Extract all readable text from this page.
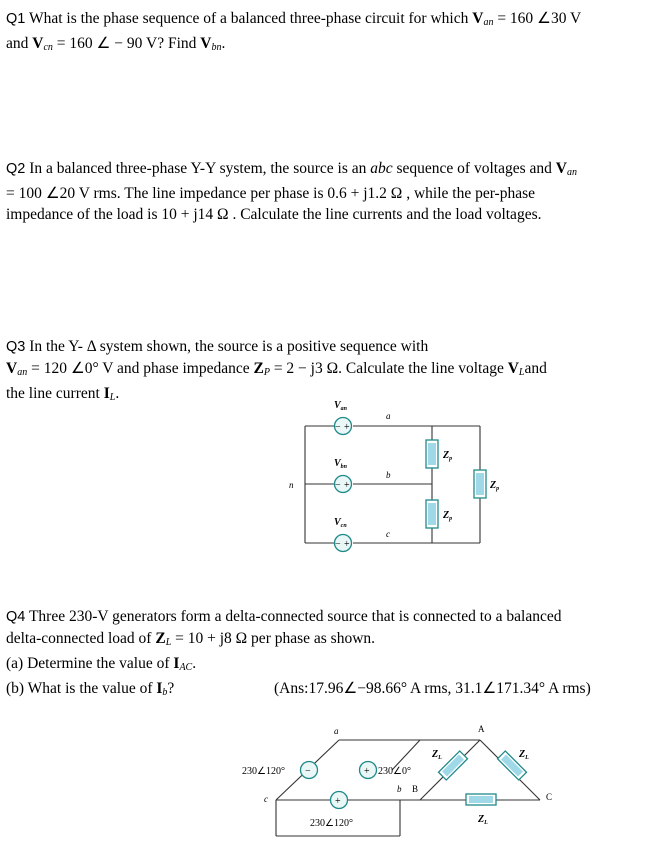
Q1 What is the phase sequence of a balanced three-phase circuit for which $V_{an} = 160$ ∠30 V

and $V_{cn} = 160$ ∠ − 90 V? Find $V_{bn}$.

Q2 In a balanced three-phase Y-Y system, the source is an abc sequence of voltages and $V_{an}$

= 100 ∠20 V rms. The line impedance per phase is 0.6 + j1.2 Ω , while the per-phase

impedance of the load is 10 + j14 Ω . Calculate the line currents and the load voltages.

Q3 In the Y- Δ system shown, the source is a positive sequence with

$V_{an} = 120$ ∠0° V and phase impedance $Z_P = 2 - j3$ Ω. Calculate the line voltage $V_Land$

the line current $I_L$.

− +
− +
− +
$V_{an}$
$V_{bn}$
$V_{cn}$
$Z_p$
$Z_p$
$Z_p$
a
b
c
n

Q4 Three 230-V generators form a delta-connected source that is connected to a balanced

delta-connected load of $Z_L = 10 + j8$ Ω per phase as shown.

(a) Determine the value of $I_{AC}$.

(b) What is the value of $I_b$?	(Ans:17.96∠−98.66° A rms, 31.1∠171.34° A rms)

−	+
+
230∠120°	230∠0°
230∠120°
a
b
c
A
B
C
$Z_L$	$Z_L$
$Z_L$
